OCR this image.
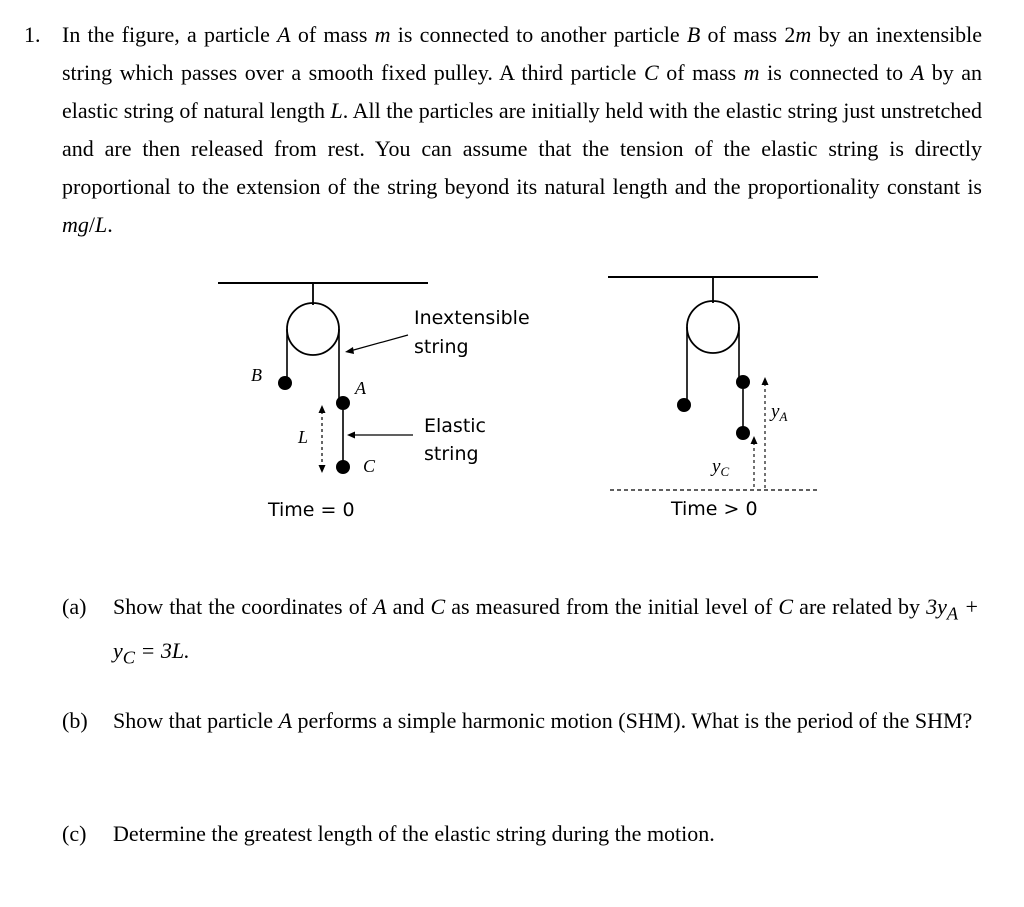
1. In the figure, a particle A of mass m is connected to another particle B of mass 2m by an inextensible string which passes over a smooth fixed pulley. A third particle C of mass m is connected to A by an elastic string of natural length L. All the particles are initially held with the elastic string just unstretched and are then released from rest. You can assume that the tension of the elastic string is directly proportional to the extension of the string beyond its natural length and the proportionality constant is mg/L.

B
A
C
L
Inextensible
string
Elastic
string
Time = 0
$y_A$
$y_C$
Time > 0
(a) Show that the coordinates of A and C as measured from the initial level of C are related by $3y_A + y_C = 3L$.

(b) Show that particle A performs a simple harmonic motion (SHM). What is the period of the SHM?

(c) Determine the greatest length of the elastic string during the motion.
